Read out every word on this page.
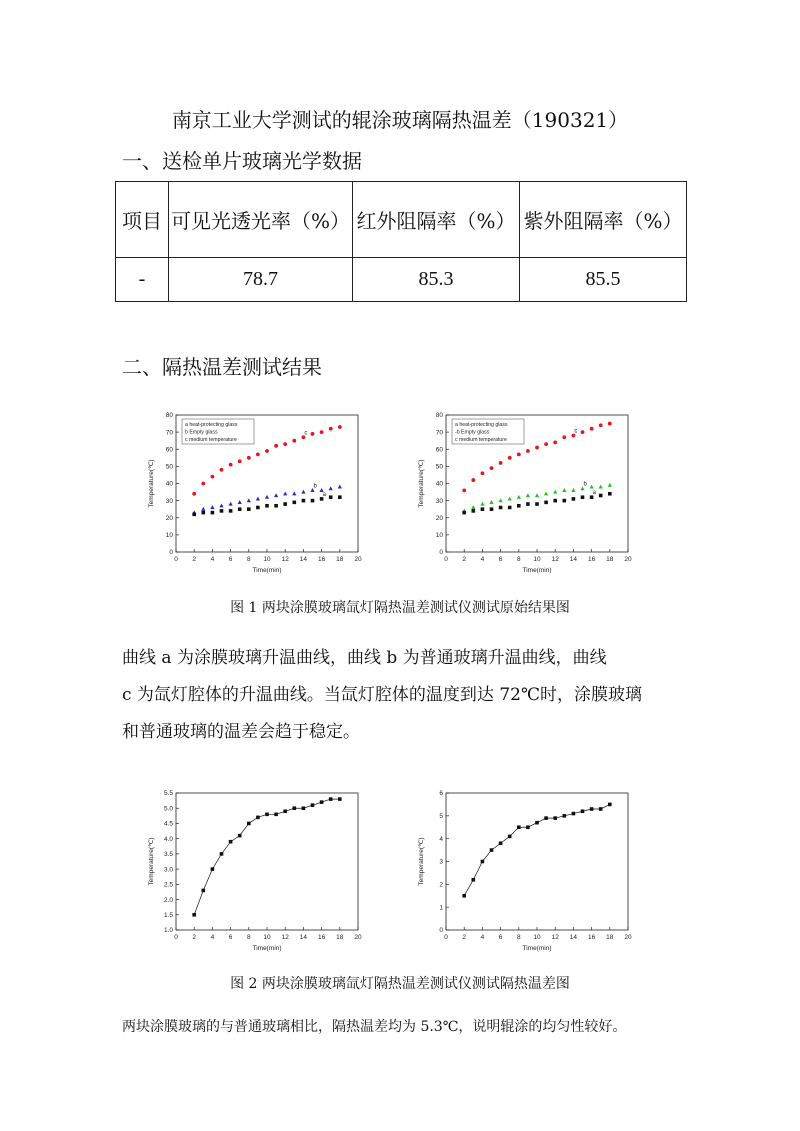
南京工业大学测试的辊涂玻璃隔热温差（190321）
一、送检单片玻璃光学数据
项目	可见光透光率（%）	红外阻隔率（%）	紫外阻隔率（%）
-	78.7	85.3	85.5
二、隔热温差测试结果
0 2 4 6 8 10 12 14 16 18 20
0
10
20
30
40
50
60
70
80
Time(min)
Temperature(℃)
a heat-protecting glass
b Empty glass
c medium temperature
c
b
a
0 2 4 6 8 10 12 14 16 18 20
0
10
20
30
40
50
60
70
80
Time(min)
Temperature(℃)
a heat-protecting glass
-b Empty glass
c medium temperature
c
b
a
图 1 两块涂膜玻璃氙灯隔热温差测试仪测试原始结果图

曲线 a 为涂膜玻璃升温曲线，曲线 b 为普通玻璃升温曲线，曲线

c 为氙灯腔体的升温曲线。当氙灯腔体的温度到达 72℃时，涂膜玻璃

和普通玻璃的温差会趋于稳定。

0 2 4 6 8 10 12 14 16 18 20
1.0
1.5
2.0
2.5
3.0
3.5
4.0
4.5
5.0
5.5
Time(min)
Temperature(℃)
0 2 4 6 8 10 12 14 16 18 20
0
1
2
3
4
5
6
Time(min)
Temperature(℃)
图 2 两块涂膜玻璃氙灯隔热温差测试仪测试隔热温差图
两块涂膜玻璃的与普通玻璃相比，隔热温差均为 5.3℃，说明辊涂的均匀性较好。
